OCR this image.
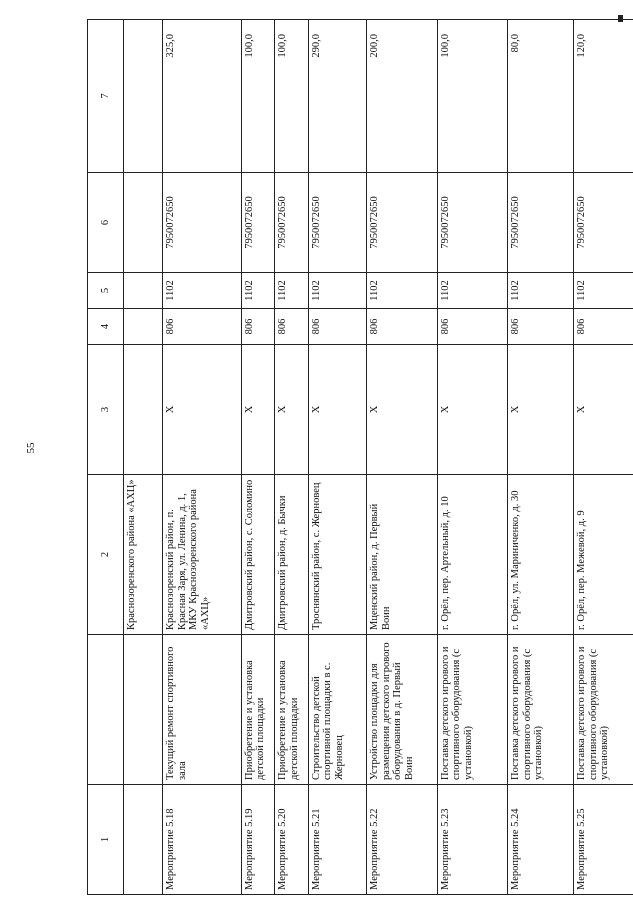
55
1		2	3	4	5	6	7
		Краснозоренского района «АХЦ»					
Мероприятие 5.18	Текущий ремонт спортивного зала	Краснозоренский район, п. Красная Заря, ул. Ленина, д. 1, МКУ Краснозоренского района «АХЦ»	Х	806	1102	7950072650	325,0
Мероприятие 5.19	Приобретение и установка детской площадки	Дмитровский район, с. Соломино	Х	806	1102	7950072650	100,0
Мероприятие 5.20	Приобретение и установка детской площадки	Дмитровский район, д. Бычки	Х	806	1102	7950072650	100,0
Мероприятие 5.21	Строительство детской спортивной площадки в с. Жерновец	Троснянский район, с. Жерновец	Х	806	1102	7950072650	290,0
Мероприятие 5.22	Устройство площадки для размещения детского игрового оборудования в д. Первый Воин	Мценский район, д. Первый Воин	Х	806	1102	7950072650	200,0
Мероприятие 5.23	Поставка детского игрового и спортивного оборудования (с установкой)	г. Орёл, пер. Артельный, д. 10	Х	806	1102	7950072650	100,0
Мероприятие 5.24	Поставка детского игрового и спортивного оборудования (с установкой)	г. Орёл, ул. Мариниченко, д. 30	Х	806	1102	7950072650	80,0
Мероприятие 5.25	Поставка детского игрового и спортивного оборудования (с установкой)	г. Орёл, пер. Межевой, д. 9	Х	806	1102	7950072650	120,0
